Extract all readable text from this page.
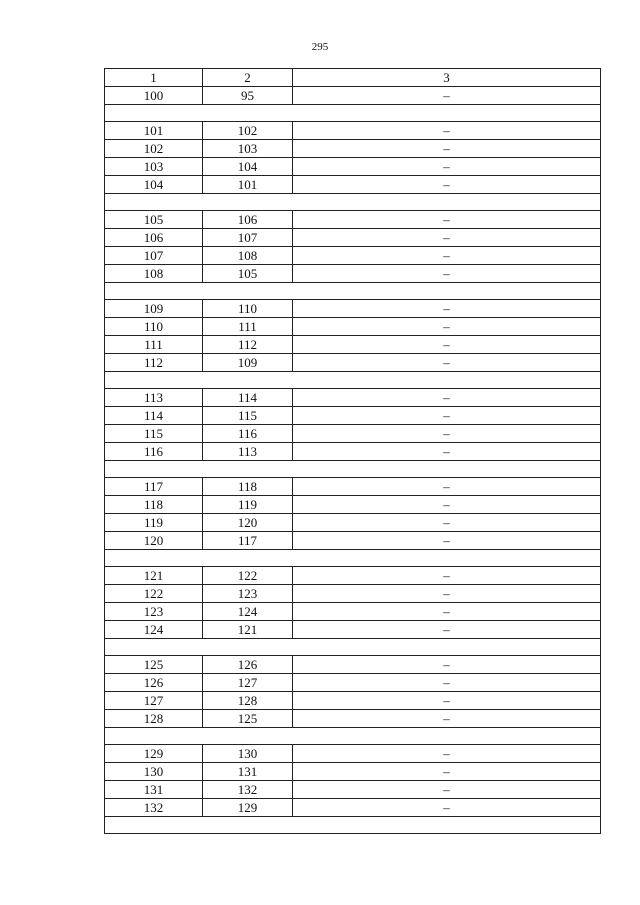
295
1	2	3
100	95	–

101	102	–
102	103	–
103	104	–
104	101	–

105	106	–
106	107	–
107	108	–
108	105	–

109	110	–
110	111	–
111	112	–
112	109	–

113	114	–
114	115	–
115	116	–
116	113	–

117	118	–
118	119	–
119	120	–
120	117	–

121	122	–
122	123	–
123	124	–
124	121	–

125	126	–
126	127	–
127	128	–
128	125	–

129	130	–
130	131	–
131	132	–
132	129	–
